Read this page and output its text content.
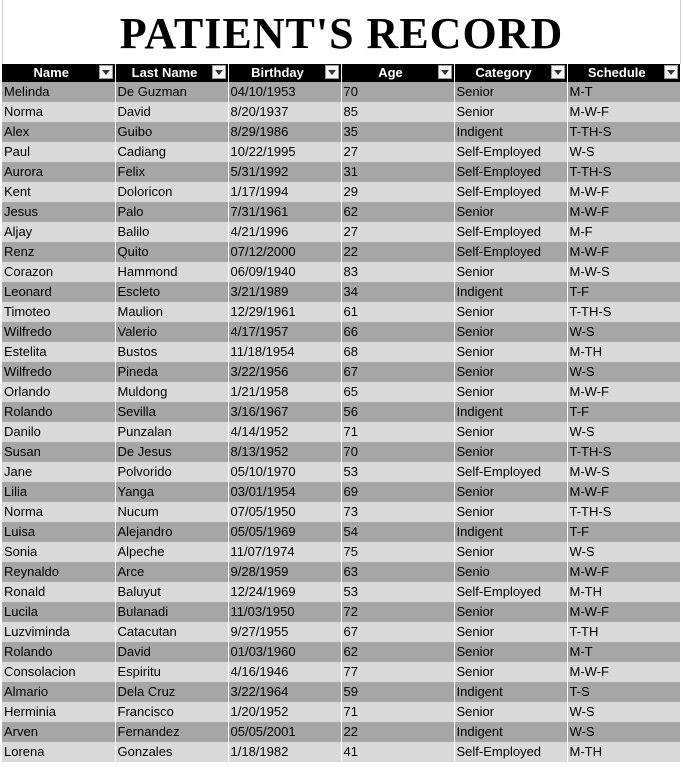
PATIENT'S RECORD
Name	Last Name	Birthday	Age	Category	Schedule

Melinda	De Guzman	04/10/1953	70	Senior	M-T
Norma	David	8/20/1937	85	Senior	M-W-F
Alex	Guibo	8/29/1986	35	Indigent	T-TH-S
Paul	Cadiang	10/22/1995	27	Self-Employed	W-S
Aurora	Felix	5/31/1992	31	Self-Employed	T-TH-S
Kent	Doloricon	1/17/1994	29	Self-Employed	M-W-F
Jesus	Palo	7/31/1961	62	Senior	M-W-F
Aljay	Balilo	4/21/1996	27	Self-Employed	M-F
Renz	Quito	07/12/2000	22	Self-Employed	M-W-F
Corazon	Hammond	06/09/1940	83	Senior	M-W-S
Leonard	Escleto	3/21/1989	34	Indigent	T-F
Timoteo	Maulion	12/29/1961	61	Senior	T-TH-S
Wilfredo	Valerio	4/17/1957	66	Senior	W-S
Estelita	Bustos	11/18/1954	68	Senior	M-TH
Wilfredo	Pineda	3/22/1956	67	Senior	W-S
Orlando	Muldong	1/21/1958	65	Senior	M-W-F
Rolando	Sevilla	3/16/1967	56	Indigent	T-F
Danilo	Punzalan	4/14/1952	71	Senior	W-S
Susan	De Jesus	8/13/1952	70	Senior	T-TH-S
Jane	Polvorido	05/10/1970	53	Self-Employed	M-W-S
Lilia	Yanga	03/01/1954	69	Senior	M-W-F
Norma	Nucum	07/05/1950	73	Senior	T-TH-S
Luisa	Alejandro	05/05/1969	54	Indigent	T-F
Sonia	Alpeche	11/07/1974	75	Senior	W-S
Reynaldo	Arce	9/28/1959	63	Senio	M-W-F
Ronald	Baluyut	12/24/1969	53	Self-Employed	M-TH
Lucila	Bulanadi	11/03/1950	72	Senior	M-W-F
Luzviminda	Catacutan	9/27/1955	67	Senior	T-TH
Rolando	David	01/03/1960	62	Senior	M-T
Consolacion	Espiritu	4/16/1946	77	Senior	M-W-F
Almario	Dela Cruz	3/22/1964	59	Indigent	T-S
Herminia	Francisco	1/20/1952	71	Senior	W-S
Arven	Fernandez	05/05/2001	22	Indigent	W-S
Lorena	Gonzales	1/18/1982	41	Self-Employed	M-TH
